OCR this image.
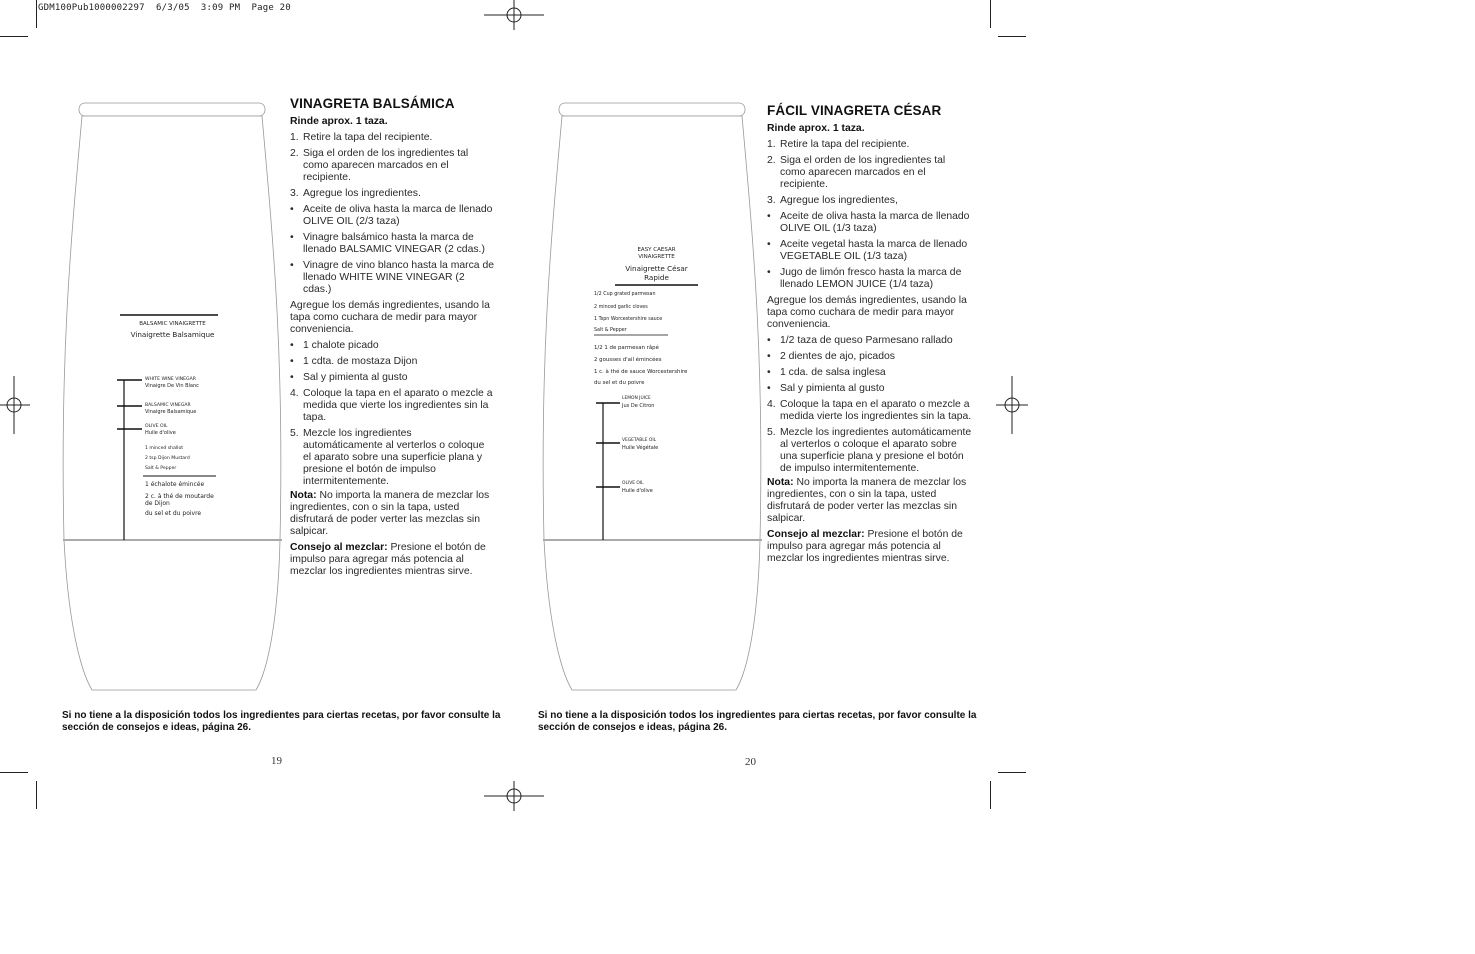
GDM100Pub1000002297  6/3/05  3:09 PM  Page 20
BALSAMIC VINAIGRETTE
Vinaigrette Balsamique
WHITE WINE VINEGAR
Vinaigre De Vin Blanc
BALSAMIC VINEGAR
Vinaigre Balsamique
OLIVE OIL
Huile d'olive
1 minced shallot
2 tsp Dijon Mustard
Salt & Pepper
1 échalote émincée
2 c. à thé de moutarde
de Dijon
du sel et du poivre
VINAGRETA BALSÁMICA
Rinde aprox. 1 taza.
1. Retire la tapa del recipiente.
2. Siga el orden de los ingredientes tal como aparecen marcados en el recipiente.
3. Agregue los ingredientes.
• Aceite de oliva hasta la marca de llenado OLIVE OIL (2/3 taza)
• Vinagre balsámico hasta la marca de llenado BALSAMIC VINEGAR (2 cdas.)
• Vinagre de vino blanco hasta la marca de llenado WHITE WINE VINEGAR (2 cdas.)
Agregue los demás ingredientes, usando la tapa como cuchara de medir para mayor conveniencia.
• 1 chalote picado
• 1 cdta. de mostaza Dijon
• Sal y pimienta al gusto
4. Coloque la tapa en el aparato o mezcle a medida que vierte los ingredientes sin la tapa.
5. Mezcle los ingredientes automáticamente al verterlos o coloque el aparato sobre una superficie plana y presione el botón de impulso intermitentemente.
Nota: No importa la manera de mezclar los ingredientes, con o sin la tapa, usted disfrutará de poder verter las mezclas sin salpicar.
Consejo al mezclar: Presione el botón de impulso para agregar más potencia al mezclar los ingredientes mientras sirve.
Si no tiene a la disposición todos los ingredientes para ciertas recetas, por favor consulte la sección de consejos e ideas, página 26.
19
EASY CAESAR
VINAIGRETTE
Vinaigrette César
Rapide
1/2 Cup grated parmesan
2 minced garlic cloves
1 Tspn Worcestershire sauce
Salt & Pepper
1/2 1 de parmesan râpé
2 gousses d'ail émincées
1 c. à thé de sauce Worcestershire
du sel et du poivre
LEMON JUICE
Jus De Citron
VEGETABLE OIL
Huile Végétale
OLIVE OIL
Huile d'olive
FÁCIL VINAGRETA CÉSAR
Rinde aprox. 1 taza.
1. Retire la tapa del recipiente.
2. Siga el orden de los ingredientes tal como aparecen marcados en el recipiente.
3. Agregue los ingredientes,
• Aceite de oliva hasta la marca de llenado OLIVE OIL (1/3 taza)
• Aceite vegetal hasta la marca de llenado VEGETABLE OIL (1/3 taza)
• Jugo de limón fresco hasta la marca de llenado LEMON JUICE (1/4 taza)
Agregue los demás ingredientes, usando la tapa como cuchara de medir para mayor conveniencia.
• 1/2 taza de queso Parmesano rallado
• 2 dientes de ajo, picados
• 1 cda. de salsa inglesa
• Sal y pimienta al gusto
4. Coloque la tapa en el aparato o mezcle a medida vierte los ingredientes sin la tapa.
5. Mezcle los ingredientes automáticamente al verterlos o coloque el aparato sobre una superficie plana y presione el botón de impulso intermitentemente.
Nota: No importa la manera de mezclar los ingredientes, con o sin la tapa, usted disfrutará de poder verter las mezclas sin salpicar.
Consejo al mezclar: Presione el botón de impulso para agregar más potencia al mezclar los ingredientes mientras sirve.
Si no tiene a la disposición todos los ingredientes para ciertas recetas, por favor consulte la sección de consejos e ideas, página 26.
20
